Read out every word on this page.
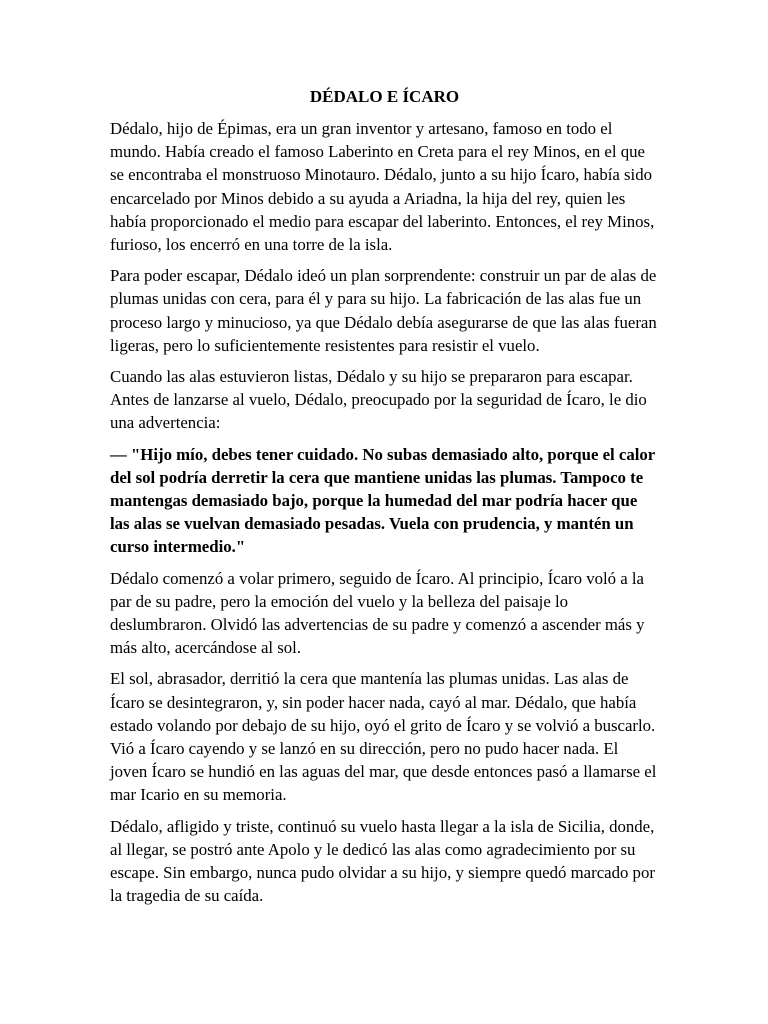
DÉDALO E ÍCARO

Dédalo, hijo de Épimas, era un gran inventor y artesano, famoso en todo el mundo. Había creado el famoso Laberinto en Creta para el rey Minos, en el que se encontraba el monstruoso Minotauro. Dédalo, junto a su hijo Ícaro, había sido encarcelado por Minos debido a su ayuda a Ariadna, la hija del rey, quien les había proporcionado el medio para escapar del laberinto. Entonces, el rey Minos, furioso, los encerró en una torre de la isla.

Para poder escapar, Dédalo ideó un plan sorprendente: construir un par de alas de plumas unidas con cera, para él y para su hijo. La fabricación de las alas fue un proceso largo y minucioso, ya que Dédalo debía asegurarse de que las alas fueran ligeras, pero lo suficientemente resistentes para resistir el vuelo.

Cuando las alas estuvieron listas, Dédalo y su hijo se prepararon para escapar. Antes de lanzarse al vuelo, Dédalo, preocupado por la seguridad de Ícaro, le dio una advertencia:

— "Hijo mío, debes tener cuidado. No subas demasiado alto, porque el calor del sol podría derretir la cera que mantiene unidas las plumas. Tampoco te mantengas demasiado bajo, porque la humedad del mar podría hacer que las alas se vuelvan demasiado pesadas. Vuela con prudencia, y mantén un curso intermedio."

Dédalo comenzó a volar primero, seguido de Ícaro. Al principio, Ícaro voló a la par de su padre, pero la emoción del vuelo y la belleza del paisaje lo deslumbraron. Olvidó las advertencias de su padre y comenzó a ascender más y más alto, acercándose al sol.

El sol, abrasador, derritió la cera que mantenía las plumas unidas. Las alas de Ícaro se desintegraron, y, sin poder hacer nada, cayó al mar. Dédalo, que había estado volando por debajo de su hijo, oyó el grito de Ícaro y se volvió a buscarlo. Vió a Ícaro cayendo y se lanzó en su dirección, pero no pudo hacer nada. El joven Ícaro se hundió en las aguas del mar, que desde entonces pasó a llamarse el mar Icario en su memoria.

Dédalo, afligido y triste, continuó su vuelo hasta llegar a la isla de Sicilia, donde, al llegar, se postró ante Apolo y le dedicó las alas como agradecimiento por su escape. Sin embargo, nunca pudo olvidar a su hijo, y siempre quedó marcado por la tragedia de su caída.
